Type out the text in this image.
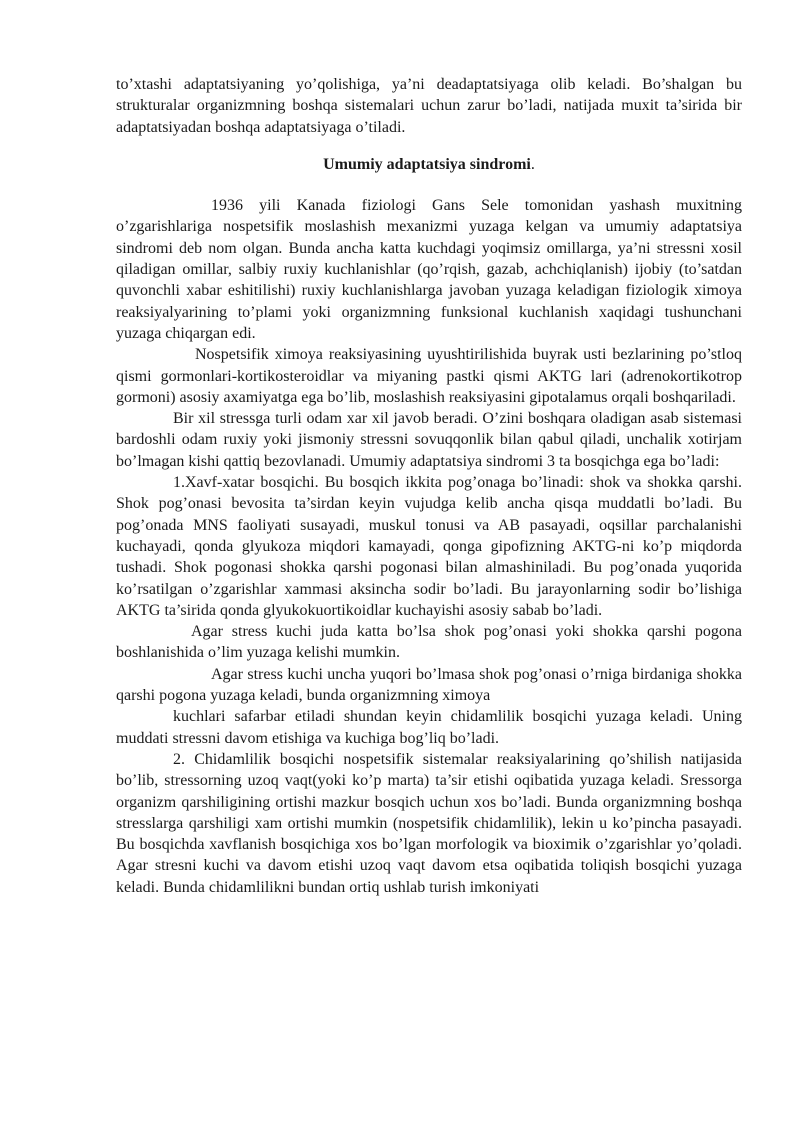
to’xtashi adaptatsiyaning yo’qolishiga, ya’ni deadaptatsiyaga olib keladi. Bo’shalgan bu strukturalar organizmning boshqa sistemalari uchun zarur bo’ladi, natijada muxit ta’sirida bir adaptatsiyadan boshqa adaptatsiyaga o’tiladi.

Umumiy adaptatsiya sindromi.

1936 yili Kanada fiziologi Gans Sele tomonidan yashash muxitning o’zgarishlariga nospetsifik moslashish mexanizmi yuzaga kelgan va umumiy adaptatsiya sindromi deb nom olgan. Bunda ancha katta kuchdagi yoqimsiz omillarga, ya’ni stressni xosil qiladigan omillar, salbiy ruxiy kuchlanishlar (qo’rqish, gazab, achchiqlanish) ijobiy (to’satdan quvonchli xabar eshitilishi) ruxiy kuchlanishlarga javoban yuzaga keladigan fiziologik ximoya reaksiyalyarining to’plami yoki organizmning funksional kuchlanish xaqidagi tushunchani yuzaga chiqargan edi.

Nospetsifik ximoya reaksiyasining uyushtirilishida buyrak usti bezlarining po’stloq qismi gormonlari-kortikosteroidlar va miyaning pastki qismi AKTG lari (adrenokortikotrop gormoni) asosiy axamiyatga ega bo’lib, moslashish reaksiyasini gipotalamus orqali boshqariladi.

Bir xil stressga turli odam xar xil javob beradi. O’zini boshqara oladigan asab sistemasi bardoshli odam ruxiy yoki jismoniy stressni sovuqqonlik bilan qabul qiladi, unchalik xotirjam bo’lmagan kishi qattiq bezovlanadi. Umumiy adaptatsiya sindromi 3 ta bosqichga ega bo’ladi:

1.Xavf-xatar bosqichi. Bu bosqich ikkita pog’onaga bo’linadi: shok va shokka qarshi. Shok pog’onasi bevosita ta’sirdan keyin vujudga kelib ancha qisqa muddatli bo’ladi. Bu pog’onada MNS faoliyati susayadi, muskul tonusi va AB pasayadi, oqsillar parchalanishi kuchayadi, qonda glyukoza miqdori kamayadi, qonga gipofizning AKTG-ni ko’p miqdorda tushadi. Shok pogonasi shokka qarshi pogonasi bilan almashiniladi. Bu pog’onada yuqorida ko’rsatilgan o’zgarishlar xammasi aksincha sodir bo’ladi. Bu jarayonlarning sodir bo’lishiga AKTG ta’sirida qonda glyukokuortikoidlar kuchayishi asosiy sabab bo’ladi.

Agar stress kuchi juda katta bo’lsa shok pog’onasi yoki shokka qarshi pogona boshlanishida o’lim yuzaga kelishi mumkin.

Agar stress kuchi uncha yuqori bo’lmasa shok pog’onasi o’rniga birdaniga shokka qarshi pogona yuzaga keladi, bunda organizmning ximoya

kuchlari safarbar etiladi shundan keyin chidamlilik bosqichi yuzaga keladi. Uning muddati stressni davom etishiga va kuchiga bog’liq bo’ladi.

2. Chidamlilik bosqichi nospetsifik sistemalar reaksiyalarining qo’shilish natijasida bo’lib, stressorning uzoq vaqt(yoki ko’p marta) ta’sir etishi oqibatida yuzaga keladi. Sressorga organizm qarshiligining ortishi mazkur bosqich uchun xos bo’ladi. Bunda organizmning boshqa stresslarga qarshiligi xam ortishi mumkin (nospetsifik chidamlilik), lekin u ko’pincha pasayadi. Bu bosqichda xavflanish bosqichiga xos bo’lgan morfologik va bioximik o’zgarishlar yo’qoladi. Agar stresni kuchi va davom etishi uzoq vaqt davom etsa oqibatida toliqish bosqichi yuzaga keladi. Bunda chidamlilikni bundan ortiq ushlab turish imkoniyati
